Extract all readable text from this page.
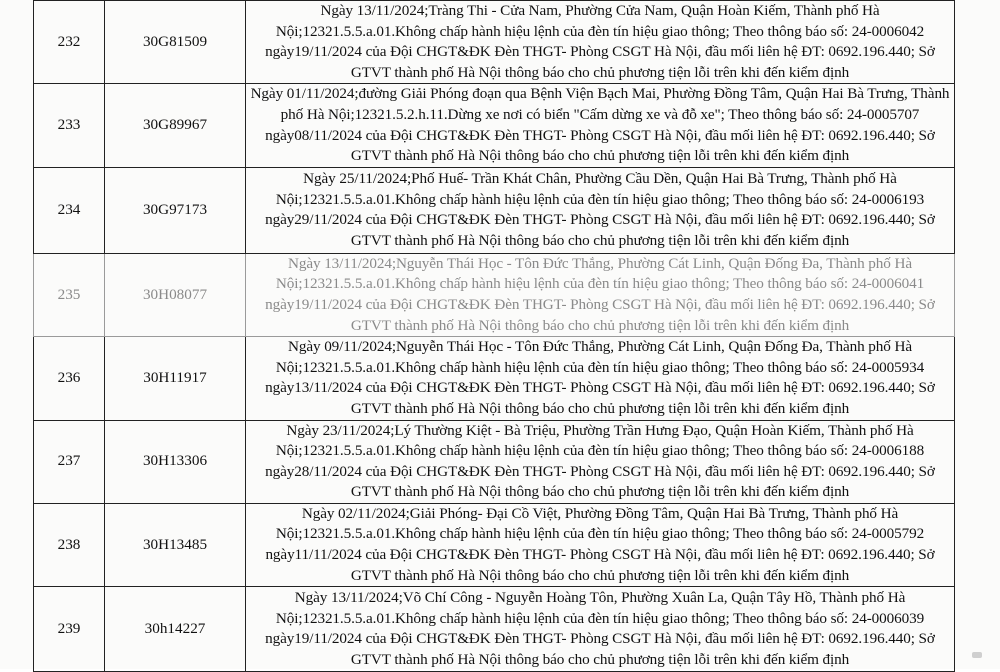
232	30G81509	Ngày 13/11/2024;Tràng Thi - Cửa Nam, Phường Cửa Nam, Quận Hoàn Kiếm, Thành phố Hà Nội;12321.5.5.a.01.Không chấp hành hiệu lệnh của đèn tín hiệu giao thông; Theo thông báo số: 24-0006042 ngày19/11/2024 của Đội CHGT&ĐK Đèn THGT- Phòng CSGT Hà Nội, đầu mối liên hệ ĐT: 0692.196.440; Sở GTVT thành phố Hà Nội thông báo cho chủ phương tiện lỗi trên khi đến kiểm định
233	30G89967	Ngày 01/11/2024;đường Giải Phóng đoạn qua Bệnh Viện Bạch Mai, Phường Đồng Tâm, Quận Hai Bà Trưng, Thành phố Hà Nội;12321.5.2.h.11.Dừng xe nơi có biển "Cấm dừng xe và đỗ xe"; Theo thông báo số: 24-0005707 ngày08/11/2024 của Đội CHGT&ĐK Đèn THGT- Phòng CSGT Hà Nội, đầu mối liên hệ ĐT: 0692.196.440; Sở GTVT thành phố Hà Nội thông báo cho chủ phương tiện lỗi trên khi đến kiểm định
234	30G97173	Ngày 25/11/2024;Phố Huế- Trần Khát Chân, Phường Cầu Dền, Quận Hai Bà Trưng, Thành phố Hà Nội;12321.5.5.a.01.Không chấp hành hiệu lệnh của đèn tín hiệu giao thông; Theo thông báo số: 24-0006193 ngày29/11/2024 của Đội CHGT&ĐK Đèn THGT- Phòng CSGT Hà Nội, đầu mối liên hệ ĐT: 0692.196.440; Sở GTVT thành phố Hà Nội thông báo cho chủ phương tiện lỗi trên khi đến kiểm định
235	30H08077	Ngày 13/11/2024;Nguyễn Thái Học - Tôn Đức Thắng, Phường Cát Linh, Quận Đống Đa, Thành phố Hà Nội;12321.5.5.a.01.Không chấp hành hiệu lệnh của đèn tín hiệu giao thông; Theo thông báo số: 24-0006041 ngày19/11/2024 của Đội CHGT&ĐK Đèn THGT- Phòng CSGT Hà Nội, đầu mối liên hệ ĐT: 0692.196.440; Sở GTVT thành phố Hà Nội thông báo cho chủ phương tiện lỗi trên khi đến kiểm định
236	30H11917	Ngày 09/11/2024;Nguyễn Thái Học - Tôn Đức Thắng, Phường Cát Linh, Quận Đống Đa, Thành phố Hà Nội;12321.5.5.a.01.Không chấp hành hiệu lệnh của đèn tín hiệu giao thông; Theo thông báo số: 24-0005934 ngày13/11/2024 của Đội CHGT&ĐK Đèn THGT- Phòng CSGT Hà Nội, đầu mối liên hệ ĐT: 0692.196.440; Sở GTVT thành phố Hà Nội thông báo cho chủ phương tiện lỗi trên khi đến kiểm định
237	30H13306	Ngày 23/11/2024;Lý Thường Kiệt - Bà Triệu, Phường Trần Hưng Đạo, Quận Hoàn Kiếm, Thành phố Hà Nội;12321.5.5.a.01.Không chấp hành hiệu lệnh của đèn tín hiệu giao thông; Theo thông báo số: 24-0006188 ngày28/11/2024 của Đội CHGT&ĐK Đèn THGT- Phòng CSGT Hà Nội, đầu mối liên hệ ĐT: 0692.196.440; Sở GTVT thành phố Hà Nội thông báo cho chủ phương tiện lỗi trên khi đến kiểm định
238	30H13485	Ngày 02/11/2024;Giải Phóng- Đại Cồ Việt, Phường Đồng Tâm, Quận Hai Bà Trưng, Thành phố Hà Nội;12321.5.5.a.01.Không chấp hành hiệu lệnh của đèn tín hiệu giao thông; Theo thông báo số: 24-0005792 ngày11/11/2024 của Đội CHGT&ĐK Đèn THGT- Phòng CSGT Hà Nội, đầu mối liên hệ ĐT: 0692.196.440; Sở GTVT thành phố Hà Nội thông báo cho chủ phương tiện lỗi trên khi đến kiểm định
239	30h14227	Ngày 13/11/2024;Võ Chí Công - Nguyễn Hoàng Tôn, Phường Xuân La, Quận Tây Hồ, Thành phố Hà Nội;12321.5.5.a.01.Không chấp hành hiệu lệnh của đèn tín hiệu giao thông; Theo thông báo số: 24-0006039 ngày19/11/2024 của Đội CHGT&ĐK Đèn THGT- Phòng CSGT Hà Nội, đầu mối liên hệ ĐT: 0692.196.440; Sở GTVT thành phố Hà Nội thông báo cho chủ phương tiện lỗi trên khi đến kiểm định
